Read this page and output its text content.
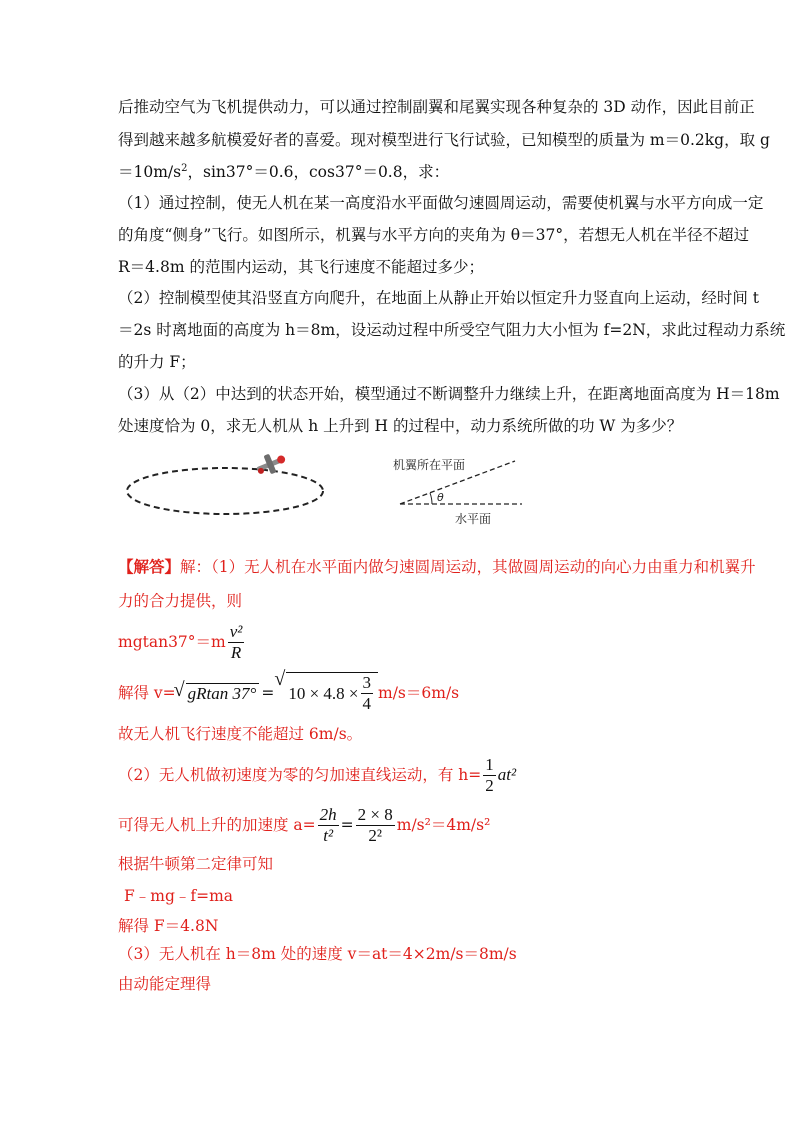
后推动空气为飞机提供动力，可以通过控制副翼和尾翼实现各种复杂的 3D 动作，因此目前正
得到越来越多航模爱好者的喜爱。现对模型进行飞行试验，已知模型的质量为 m＝0.2kg，取 g
$=10m/s^2$，sin37°＝0.6，cos37°＝0.8，求：
（1）通过控制，使无人机在某一高度沿水平面做匀速圆周运动，需要使机翼与水平方向成一定
的角度“侧身”飞行。如图所示，机翼与水平方向的夹角为 θ＝37°，若想无人机在半径不超过
R＝4.8m 的范围内运动，其飞行速度不能超过多少；
（2）控制模型使其沿竖直方向爬升，在地面上从静止开始以恒定升力竖直向上运动，经时间 t
＝2s 时离地面的高度为 h＝8m，设运动过程中所受空气阻力大小恒为 f=2N，求此过程动力系统
的升力 F；
（3）从（2）中达到的状态开始，模型通过不断调整升力继续上升，在距离地面高度为 H＝18m
处速度恰为 0，求无人机从 h 上升到 H 的过程中，动力系统所做的功 W 为多少？
机翼所在平面
θ
水平面
【解答】解：（1）无人机在水平面内做匀速圆周运动，其做圆周运动的向心力由重力和机翼升
力的合力提供，则
$mgtan37^\circ=m \frac{\text{v²}}{R}$
解得 v= √ gRtan 37° = √ $10 \times 4.8 \times \frac{3}{4} m/s=6m/s$
故无人机飞行速度不能超过 6m/s。
（2）无人机做初速度为零的匀加速直线运动，有 $h= \frac{1}{2} at^2$
可得无人机上升的加速度 $a= \frac{2h}{\text{t²}} = \frac{2 \times 8}{\text{2²}} m/s^2=4m/s^2$
根据牛顿第二定律可知
F﹣mg﹣f=ma
解得 F＝4.8N
（3）无人机在 h＝8m 处的速度 v＝at＝4×2m/s＝8m/s
由动能定理得
